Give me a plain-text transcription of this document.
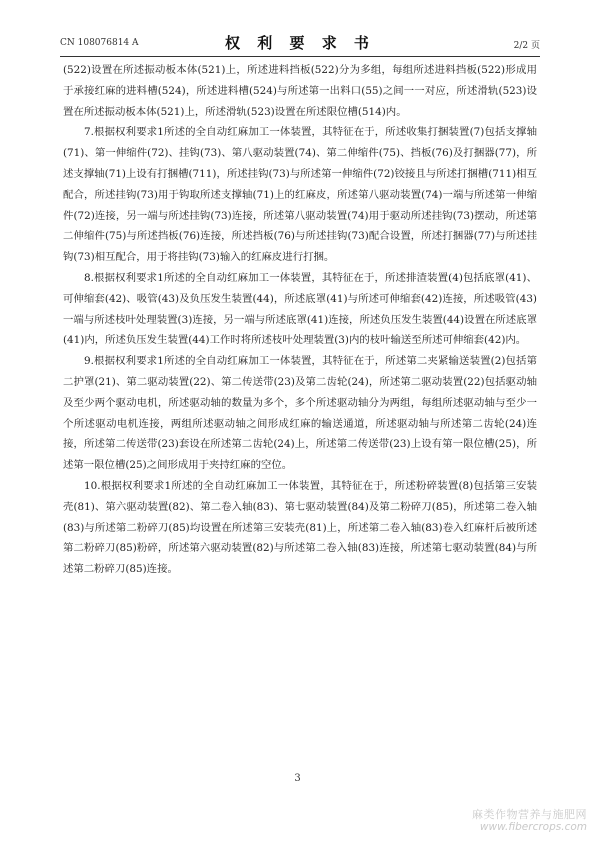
CN 108076814 A	权 利 要 求 书	2/2 页

(522)设置在所述振动板本体(521)上，所述进料挡板(522)分为多组，每组所述进料挡板(522)形成用于承接红麻的进料槽(524)，所述进料槽(524)与所述第一出料口(55)之间一一对应，所述滑轨(523)设置在所述振动板本体(521)上，所述滑轨(523)设置在所述限位槽(514)内。

7.根据权利要求1所述的全自动红麻加工一体装置，其特征在于，所述收集打捆装置(7)包括支撑轴(71)、第一伸缩件(72)、挂钩(73)、第八驱动装置(74)、第二伸缩件(75)、挡板(76)及打捆器(77)，所述支撑轴(71)上设有打捆槽(711)，所述挂钩(73)与所述第一伸缩件(72)铰接且与所述打捆槽(711)相互配合，所述挂钩(73)用于钩取所述支撑轴(71)上的红麻皮，所述第八驱动装置(74)一端与所述第一伸缩件(72)连接，另一端与所述挂钩(73)连接，所述第八驱动装置(74)用于驱动所述挂钩(73)摆动，所述第二伸缩件(75)与所述挡板(76)连接，所述挡板(76)与所述挂钩(73)配合设置，所述打捆器(77)与所述挂钩(73)相互配合，用于将挂钩(73)输入的红麻皮进行打捆。

8.根据权利要求1所述的全自动红麻加工一体装置，其特征在于，所述排渣装置(4)包括底罩(41)、可伸缩套(42)、吸管(43)及负压发生装置(44)，所述底罩(41)与所述可伸缩套(42)连接，所述吸管(43)一端与所述枝叶处理装置(3)连接，另一端与所述底罩(41)连接，所述负压发生装置(44)设置在所述底罩(41)内，所述负压发生装置(44)工作时将所述枝叶处理装置(3)内的枝叶输送至所述可伸缩套(42)内。

9.根据权利要求1所述的全自动红麻加工一体装置，其特征在于，所述第二夹紧输送装置(2)包括第二护罩(21)、第二驱动装置(22)、第二传送带(23)及第二齿轮(24)，所述第二驱动装置(22)包括驱动轴及至少两个驱动电机，所述驱动轴的数量为多个，多个所述驱动轴分为两组，每组所述驱动轴与至少一个所述驱动电机连接，两组所述驱动轴之间形成红麻的输送通道，所述驱动轴与所述第二齿轮(24)连接，所述第二传送带(23)套设在所述第二齿轮(24)上，所述第二传送带(23)上设有第一限位槽(25)，所述第一限位槽(25)之间形成用于夹持红麻的空位。

10.根据权利要求1所述的全自动红麻加工一体装置，其特征在于，所述粉碎装置(8)包括第三安装壳(81)、第六驱动装置(82)、第二卷入轴(83)、第七驱动装置(84)及第二粉碎刀(85)，所述第二卷入轴(83)与所述第二粉碎刀(85)均设置在所述第三安装壳(81)上，所述第二卷入轴(83)卷入红麻杆后被所述第二粉碎刀(85)粉碎，所述第六驱动装置(82)与所述第二卷入轴(83)连接，所述第七驱动装置(84)与所述第二粉碎刀(85)连接。

3
麻类作物营养与施肥网
www.fibercrops.com
